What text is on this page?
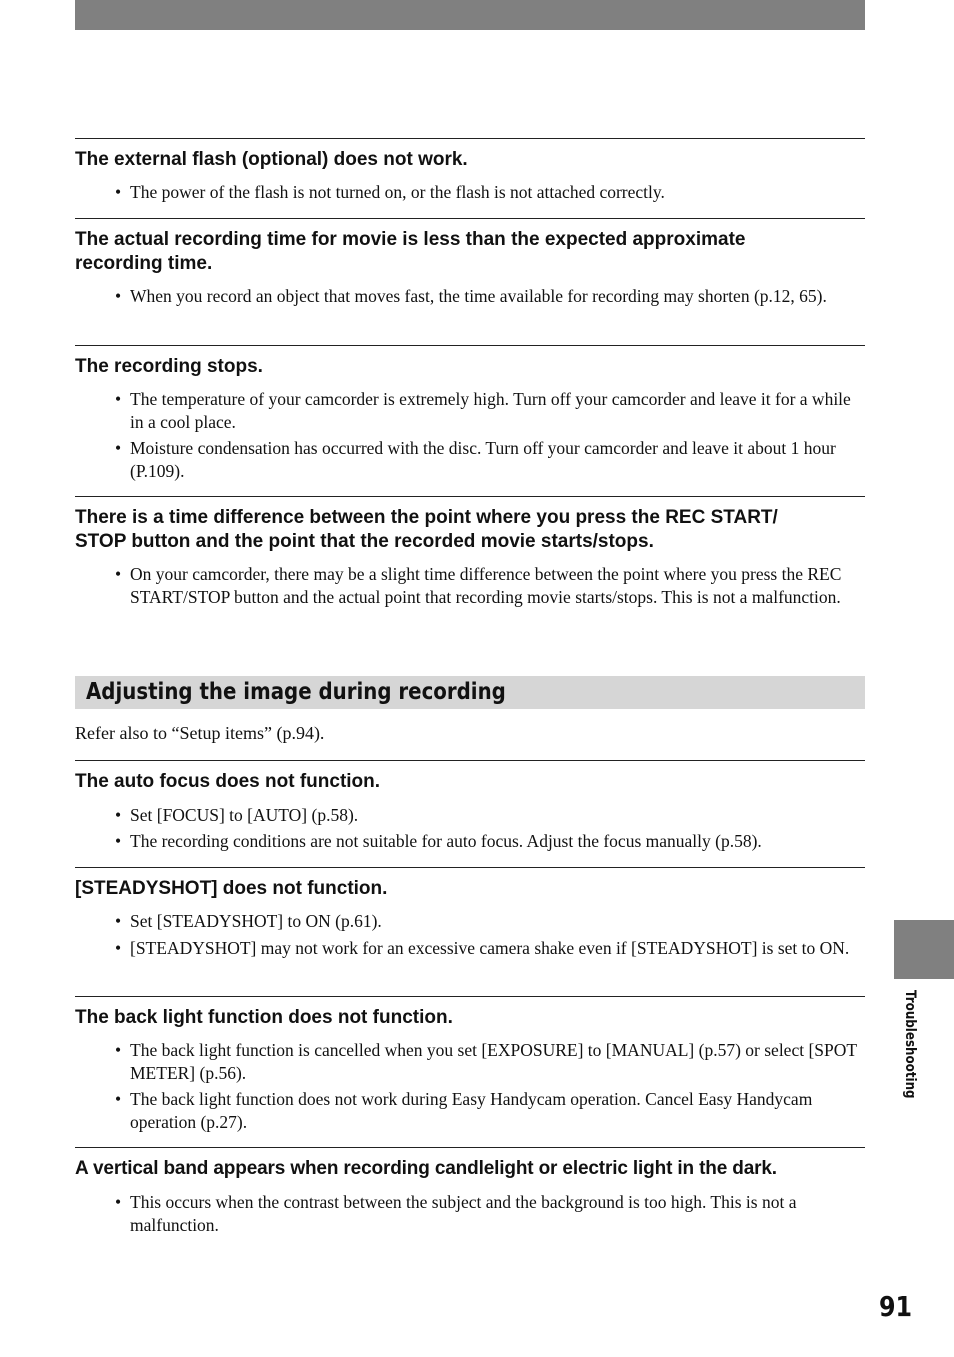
The external flash (optional) does not work.
• The power of the flash is not turned on, or the flash is not attached correctly.
The actual recording time for movie is less than the expected approximate
recording time.
• When you record an object that moves fast, the time available for recording may shorten (p.12, 65).
The recording stops.
• The temperature of your camcorder is extremely high. Turn off your camcorder and leave it for a while in a cool place.
• Moisture condensation has occurred with the disc. Turn off your camcorder and leave it about 1 hour (P.109).
There is a time difference between the point where you press the REC START/
STOP button and the point that the recorded movie starts/stops.
• On your camcorder, there may be a slight time difference between the point where you press the REC START/STOP button and the actual point that recording movie starts/stops. This is not a malfunction.
Adjusting the image during recording
Refer also to “Setup items” (p.94).
The auto focus does not function.
• Set [FOCUS] to [AUTO] (p.58).
• The recording conditions are not suitable for auto focus. Adjust the focus manually (p.58).
[STEADYSHOT] does not function.
• Set [STEADYSHOT] to ON (p.61).
• [STEADYSHOT] may not work for an excessive camera shake even if [STEADYSHOT] is set to ON.
The back light function does not function.
• The back light function is cancelled when you set [EXPOSURE] to [MANUAL] (p.57) or select [SPOT METER] (p.56).
• The back light function does not work during Easy Handycam operation. Cancel Easy Handycam operation (p.27).
A vertical band appears when recording candlelight or electric light in the dark.
• This occurs when the contrast between the subject and the background is too high. This is not a malfunction.
Troubleshooting
91
